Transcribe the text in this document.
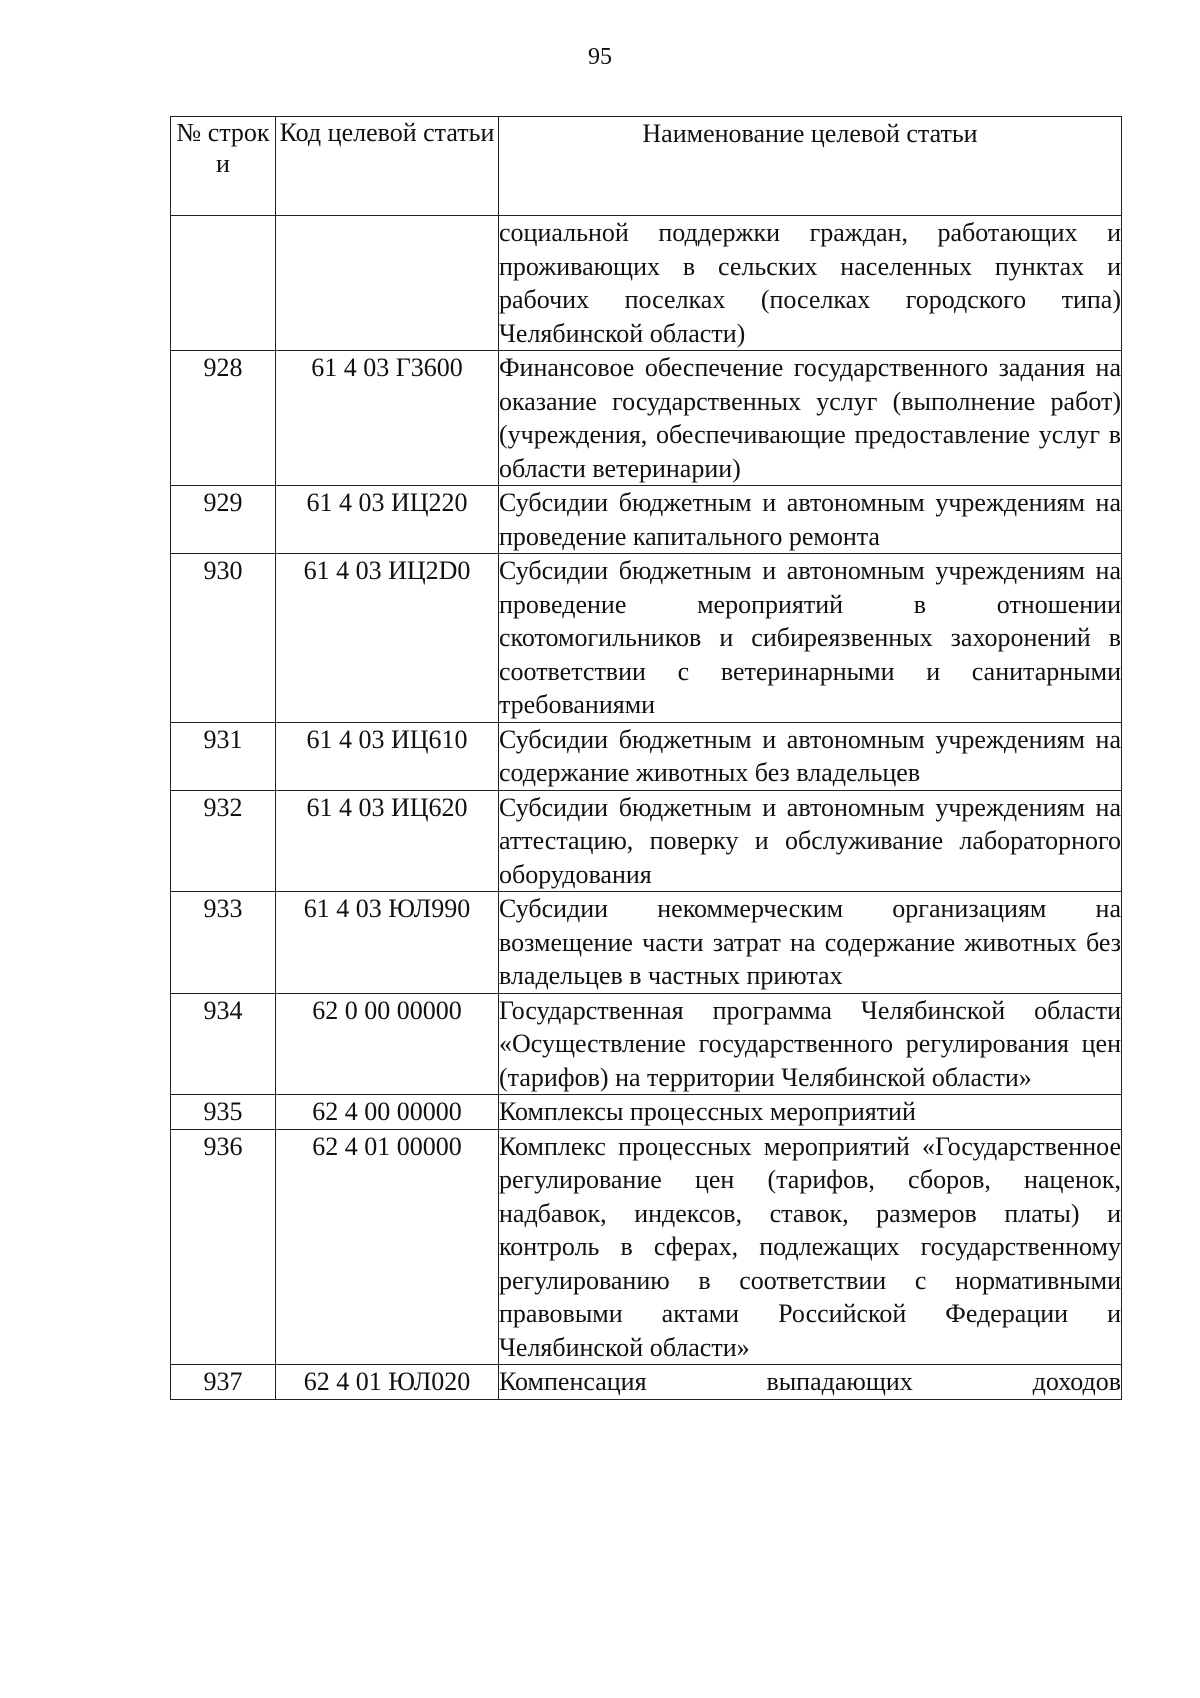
95
№ строки	Код целевой статьи	Наименование целевой статьи
		социальной поддержки граждан, работающих и проживающих в сельских населенных пунктах и рабочих поселках (поселках городского типа) Челябинской области)
928	61 4 03 Г3600	Финансовое обеспечение государственного задания на оказание государственных услуг (выполнение работ) (учреждения, обеспечивающие предоставление услуг в области ветеринарии)
929	61 4 03 ИЦ220	Субсидии бюджетным и автономным учреждениям на проведение капитального ремонта
930	61 4 03 ИЦ2D0	Субсидии бюджетным и автономным учреждениям на проведение мероприятий в отношении скотомогильников и сибиреязвенных захоронений в соответствии с ветеринарными и санитарными требованиями
931	61 4 03 ИЦ610	Субсидии бюджетным и автономным учреждениям на содержание животных без владельцев
932	61 4 03 ИЦ620	Субсидии бюджетным и автономным учреждениям на аттестацию, поверку и обслуживание лабораторного оборудования
933	61 4 03 ЮЛ990	Субсидии некоммерческим организациям на возмещение части затрат на содержание животных без владельцев в частных приютах
934	62 0 00 00000	Государственная программа Челябинской области «Осуществление государственного регулирования цен (тарифов) на территории Челябинской области»
935	62 4 00 00000	Комплексы процессных мероприятий
936	62 4 01 00000	Комплекс процессных мероприятий «Государственное регулирование цен (тарифов, сборов, наценок, надбавок, индексов, ставок, размеров платы) и контроль в сферах, подлежащих государственному регулированию в соответствии с нормативными правовыми актами Российской Федерации и Челябинской области»
937	62 4 01 ЮЛ020	Компенсация выпадающих доходов
